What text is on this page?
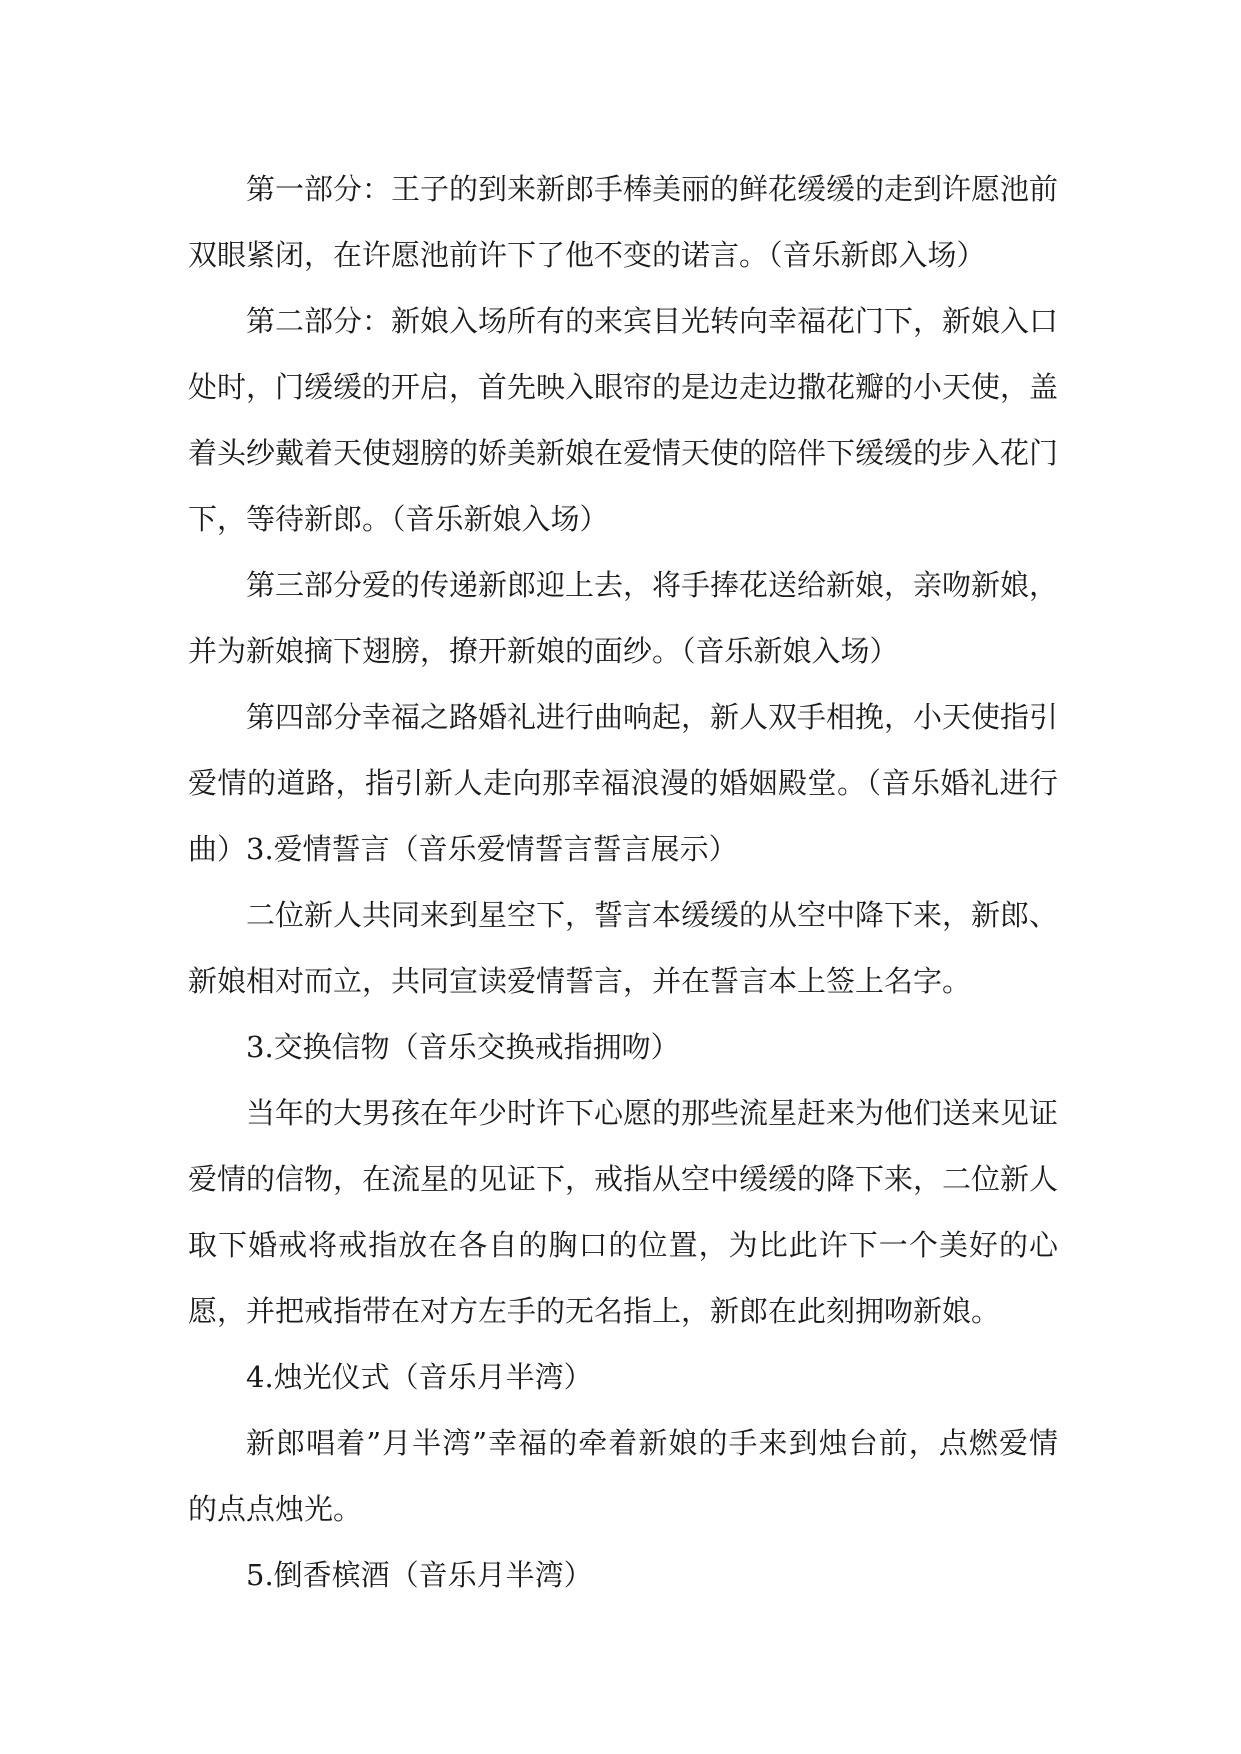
第一部分：王子的到来新郎手棒美丽的鲜花缓缓的走到许愿池前双眼紧闭，在许愿池前许下了他不变的诺言。（音乐新郎入场）

第二部分：新娘入场所有的来宾目光转向幸福花门下，新娘入口处时，门缓缓的开启，首先映入眼帘的是边走边撒花瓣的小天使，盖着头纱戴着天使翅膀的娇美新娘在爱情天使的陪伴下缓缓的步入花门下，等待新郎。（音乐新娘入场）

第三部分爱的传递新郎迎上去，将手捧花送给新娘，亲吻新娘，并为新娘摘下翅膀，撩开新娘的面纱。（音乐新娘入场）

第四部分幸福之路婚礼进行曲响起，新人双手相挽，小天使指引爱情的道路，指引新人走向那幸福浪漫的婚姻殿堂。（音乐婚礼进行曲）3.爱情誓言（音乐爱情誓言誓言展示）

二位新人共同来到星空下，誓言本缓缓的从空中降下来，新郎、新娘相对而立，共同宣读爱情誓言，并在誓言本上签上名字。

3.交换信物（音乐交换戒指拥吻）

当年的大男孩在年少时许下心愿的那些流星赶来为他们送来见证爱情的信物，在流星的见证下，戒指从空中缓缓的降下来，二位新人取下婚戒将戒指放在各自的胸口的位置，为比此许下一个美好的心愿，并把戒指带在对方左手的无名指上，新郎在此刻拥吻新娘。

4.烛光仪式（音乐月半湾）

新郎唱着”月半湾”幸福的牵着新娘的手来到烛台前，点燃爱情的点点烛光。

5.倒香槟酒（音乐月半湾）
